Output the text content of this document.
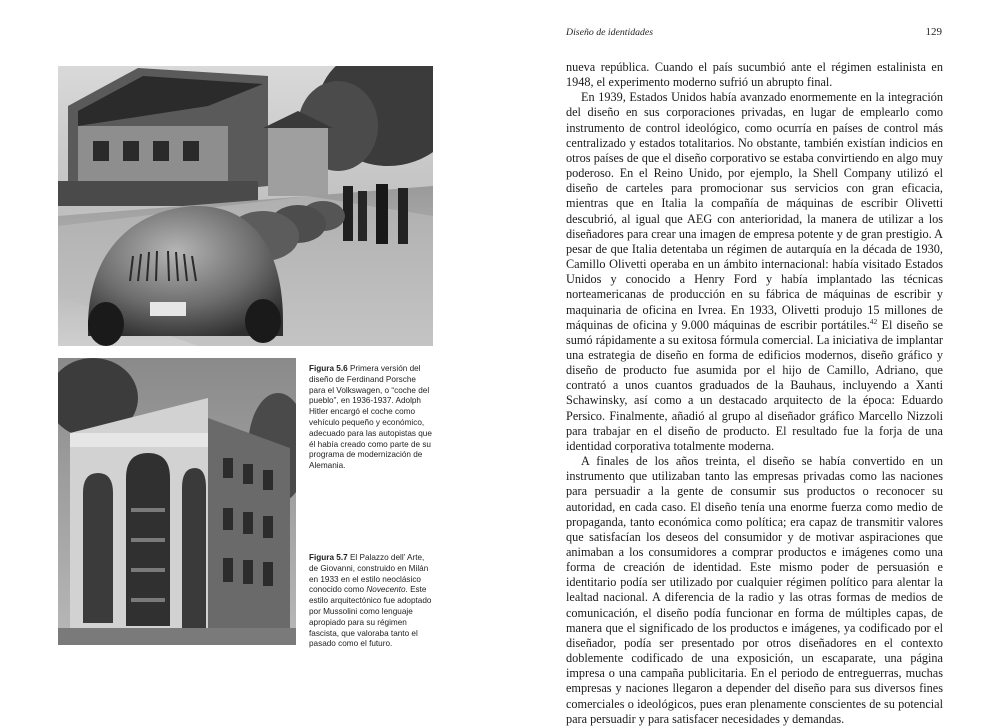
Figura 5.6 Primera versión del diseño de Ferdinand Porsche para el Volkswagen, o “coche del pueblo”, en 1936-1937. Adolph Hitler encargó el coche como vehículo pequeño y económico, adecuado para las autopistas que él había creado como parte de su programa de modernización de Alemania.
Figura 5.7 El Palazzo dell’ Arte, de Giovanni, construido en Milán en 1933 en el estilo neoclásico conocido como Novecento. Este estilo arquitectónico fue adoptado por Mussolini como lenguaje apropiado para su régimen fascista, que valoraba tanto el pasado como el futuro.
Diseño de identidades	129

nueva república. Cuando el país sucumbió ante el régimen estalinista en 1948, el experimento moderno sufrió un abrupto final.

En 1939, Estados Unidos había avanzado enormemente en la integración del diseño en sus corporaciones privadas, en lugar de emplearlo como instrumento de control ideológico, como ocurría en países de control más centralizado y estados totalitarios. No obstante, también existían indicios en otros países de que el diseño corporativo se estaba convirtiendo en algo muy poderoso. En el Reino Unido, por ejemplo, la Shell Company utilizó el diseño de carteles para promocionar sus servicios con gran eficacia, mientras que en Italia la compañía de máquinas de escribir Olivetti descubrió, al igual que AEG con anterioridad, la manera de utilizar a los diseñadores para crear una imagen de empresa potente y de gran prestigio. A pesar de que Italia detentaba un régimen de autarquía en la década de 1930, Camillo Olivetti operaba en un ámbito internacional: había visitado Estados Unidos y conocido a Henry Ford y había implantado las técnicas norteamericanas de producción en su fábrica de máquinas de escribir y maquinaria de oficina en Ivrea. En 1933, Olivetti produjo 15 millones de máquinas de oficina y 9.000 máquinas de escribir portátiles.$^{42}$ El diseño se sumó rápidamente a su exitosa fórmula comercial. La iniciativa de implantar una estrategia de diseño en forma de edificios modernos, diseño gráfico y diseño de producto fue asumida por el hijo de Camillo, Adriano, que contrató a unos cuantos graduados de la Bauhaus, incluyendo a Xanti Schawinsky, así como a un destacado arquitecto de la época: Eduardo Persico. Finalmente, añadió al grupo al diseñador gráfico Marcello Nizzoli para trabajar en el diseño de producto. El resultado fue la forja de una identidad corporativa totalmente moderna.

A finales de los años treinta, el diseño se había convertido en un instrumento que utilizaban tanto las empresas privadas como las naciones para persuadir a la gente de consumir sus productos o reconocer su autoridad, en cada caso. El diseño tenía una enorme fuerza como medio de propaganda, tanto económica como política; era capaz de transmitir valores que satisfacían los deseos del consumidor y de motivar aspiraciones que animaban a los consumidores a comprar productos e imágenes como una forma de creación de identidad. Este mismo poder de persuasión e identitario podía ser utilizado por cualquier régimen político para alentar la lealtad nacional. A diferencia de la radio y las otras formas de medios de comunicación, el diseño podía funcionar en forma de múltiples capas, de manera que el significado de los productos e imágenes, ya codificado por el diseñador, podía ser presentado por otros diseñadores en el contexto doblemente codificado de una exposición, un escaparate, una página impresa o una campaña publicitaria. En el periodo de entreguerras, muchas empresas y naciones llegaron a depender del diseño para sus diversos fines comerciales o ideológicos, pues eran plenamente conscientes de su potencial para persuadir y para satisfacer necesidades y demandas.
